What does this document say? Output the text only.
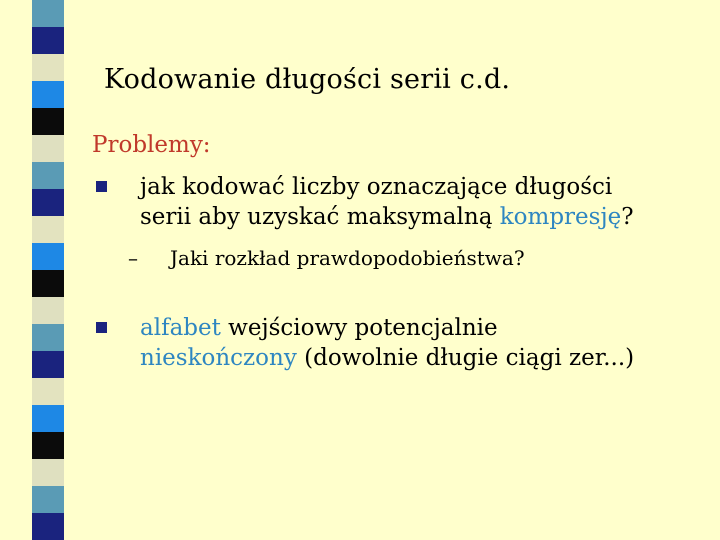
Kodowanie długości serii c.d.
Problemy:
jak kodować liczby oznaczające długości
serii aby uzyskać maksymalną kompresję?
– Jaki rozkład prawdopodobieństwa?
alfabet wejściowy potencjalnie
nieskończony (dowolnie długie ciągi zer...)
